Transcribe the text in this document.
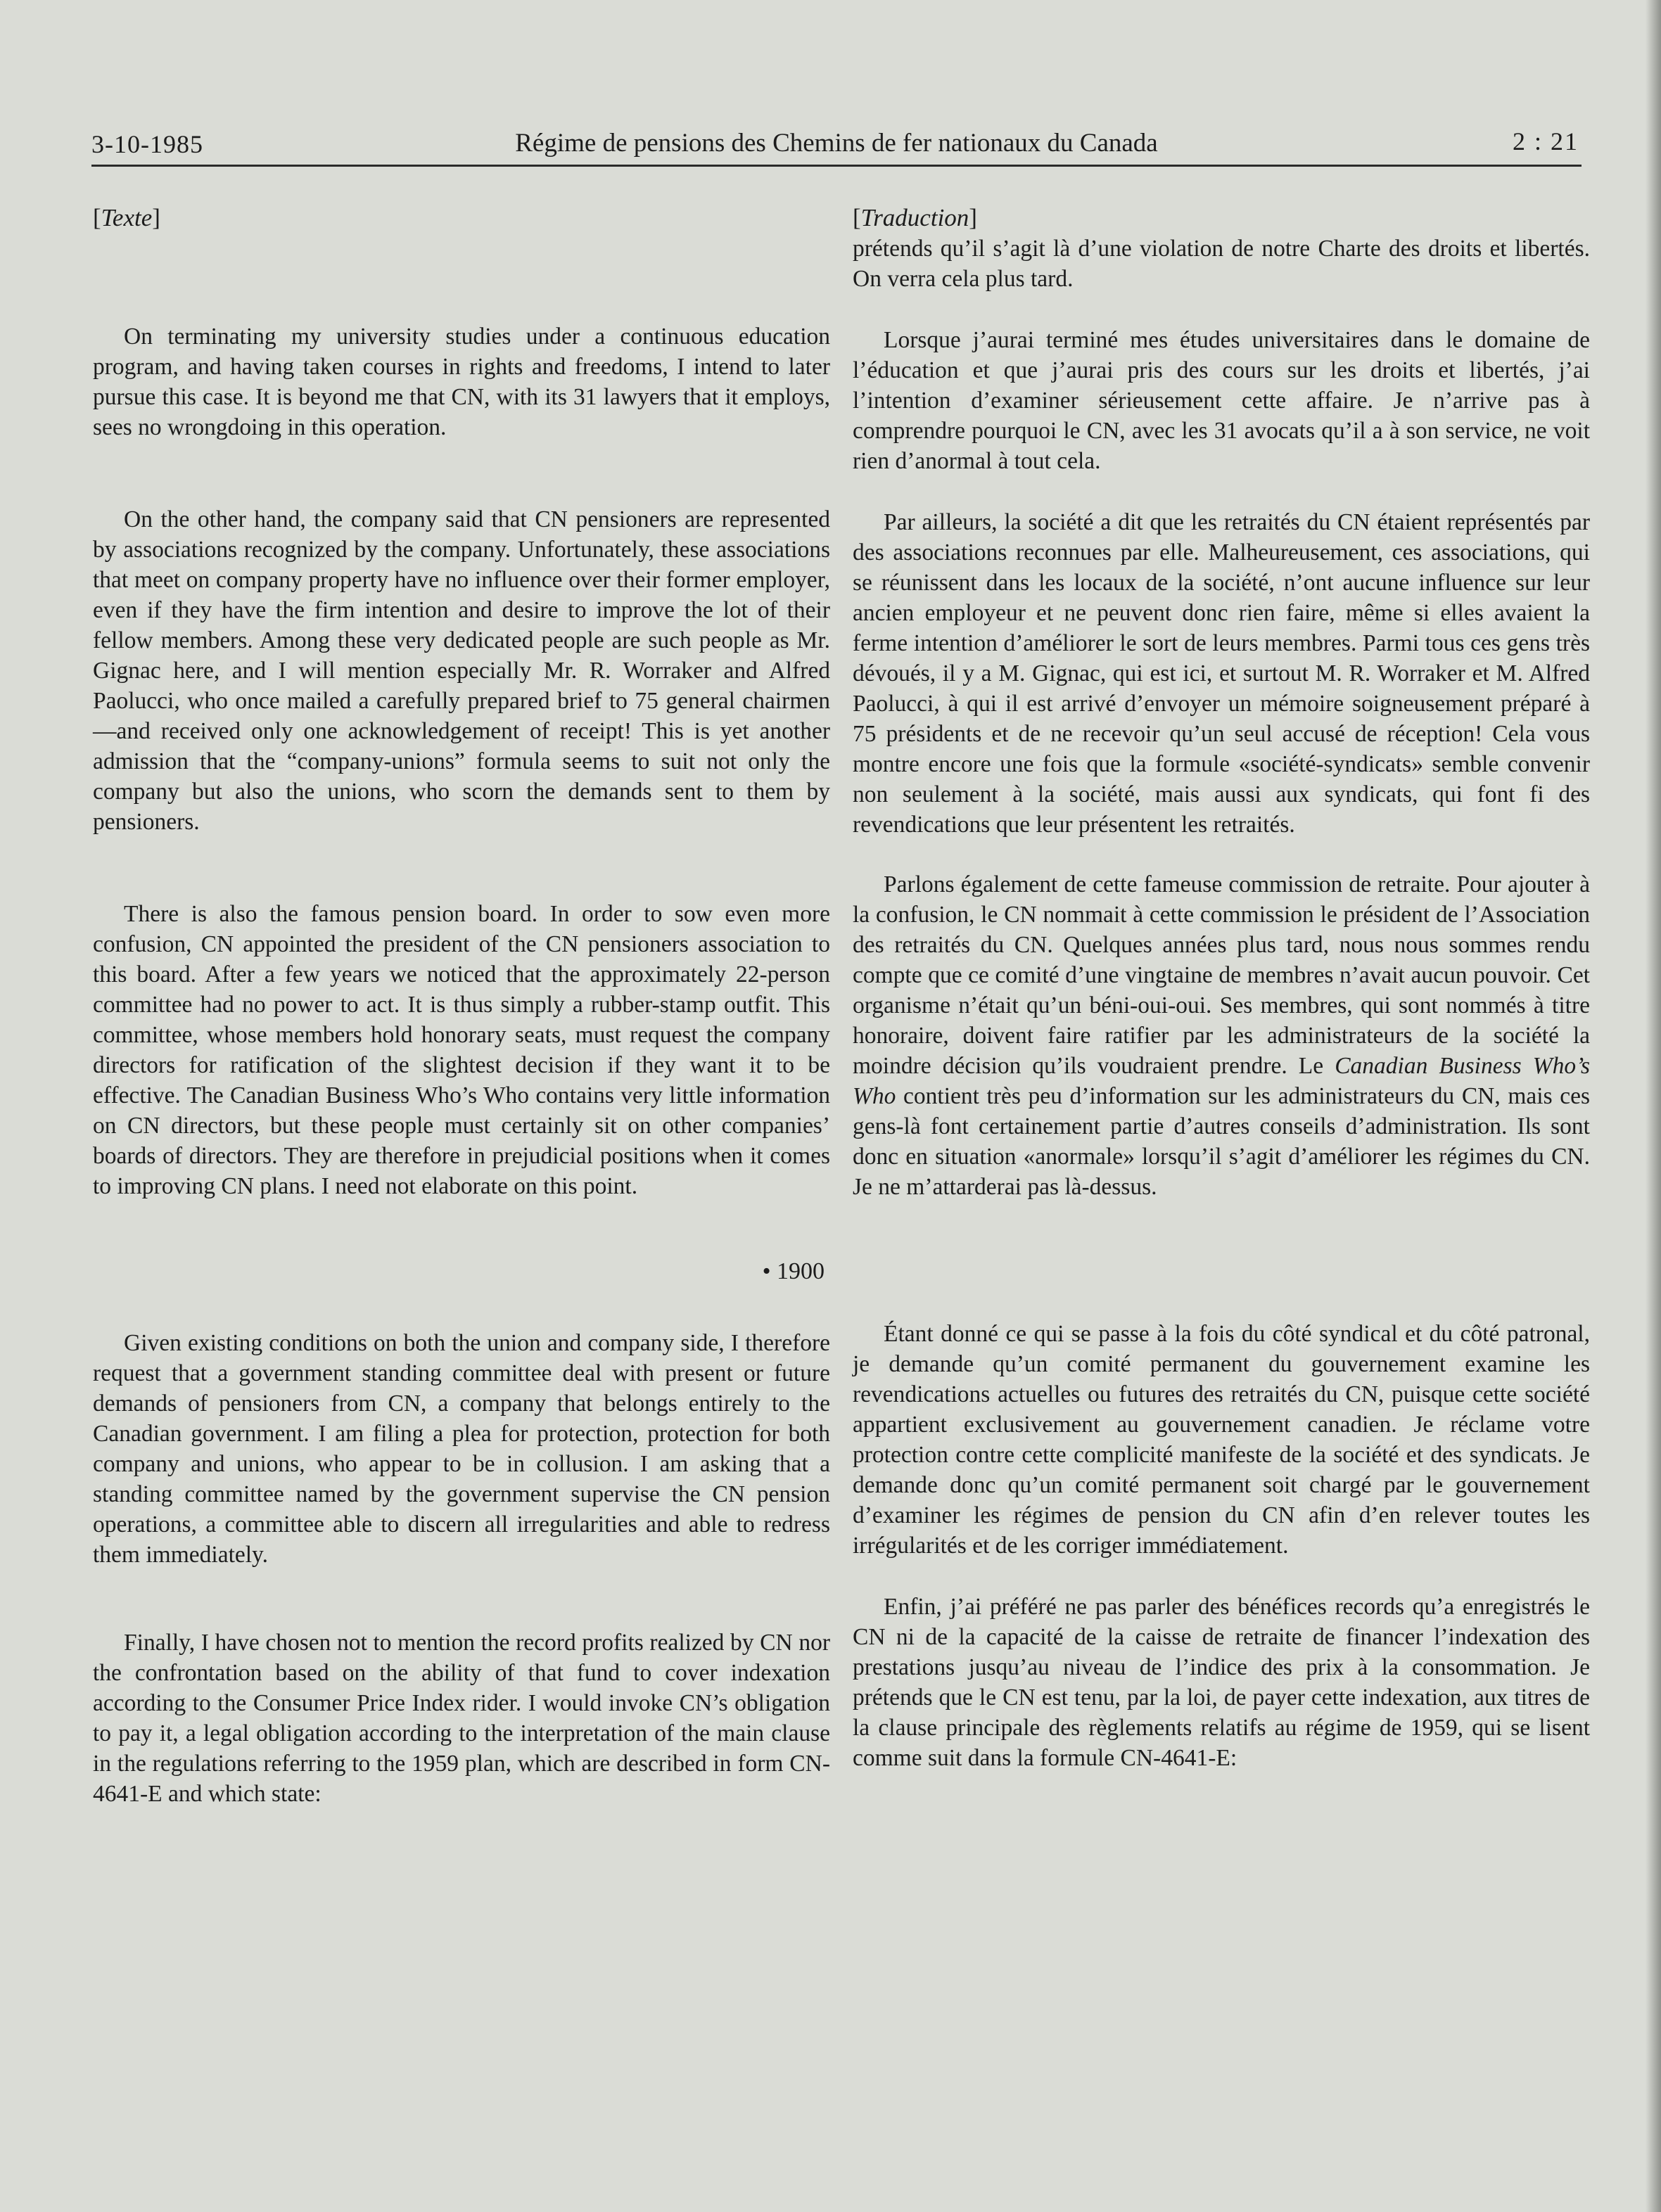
3-10-1985	Régime de pensions des Chemins de fer nationaux du Canada	2 : 21
[Texte]

On terminating my university studies under a continuous education program, and having taken courses in rights and freedoms, I intend to later pursue this case. It is beyond me that CN, with its 31 lawyers that it employs, sees no wrongdoing in this operation.

On the other hand, the company said that CN pensioners are represented by associations recognized by the company. Unfortunately, these associations that meet on company property have no influence over their former employer, even if they have the firm intention and desire to improve the lot of their fellow members. Among these very dedicated people are such people as Mr. Gignac here, and I will mention especially Mr. R. Worraker and Alfred Paolucci, who once mailed a carefully prepared brief to 75 general chairmen—and received only one acknowledgement of receipt! This is yet another admission that the “company-unions” formula seems to suit not only the company but also the unions, who scorn the demands sent to them by pensioners.

There is also the famous pension board. In order to sow even more confusion, CN appointed the president of the CN pensioners association to this board. After a few years we noticed that the approximately 22-person committee had no power to act. It is thus simply a rubber-stamp outfit. This committee, whose members hold honorary seats, must request the company directors for ratification of the slightest decision if they want it to be effective. The Canadian Business Who’s Who contains very little information on CN directors, but these people must certainly sit on other companies’ boards of directors. They are therefore in prejudicial positions when it comes to improving CN plans. I need not elaborate on this point.

• 1900

Given existing conditions on both the union and company side, I therefore request that a government standing committee deal with present or future demands of pensioners from CN, a company that belongs entirely to the Canadian government. I am filing a plea for protection, protection for both company and unions, who appear to be in collusion. I am asking that a standing committee named by the government supervise the CN pension operations, a committee able to discern all irregularities and able to redress them immediately.

Finally, I have chosen not to mention the record profits realized by CN nor the confrontation based on the ability of that fund to cover indexation according to the Consumer Price Index rider. I would invoke CN’s obligation to pay it, a legal obligation according to the interpretation of the main clause in the regulations referring to the 1959 plan, which are described in form CN-4641-E and which state:

[Traduction]

prétends qu’il s’agit là d’une violation de notre Charte des droits et libertés. On verra cela plus tard.

Lorsque j’aurai terminé mes études universitaires dans le domaine de l’éducation et que j’aurai pris des cours sur les droits et libertés, j’ai l’intention d’examiner sérieusement cette affaire. Je n’arrive pas à comprendre pourquoi le CN, avec les 31 avocats qu’il a à son service, ne voit rien d’anormal à tout cela.

Par ailleurs, la société a dit que les retraités du CN étaient représentés par des associations reconnues par elle. Malheureusement, ces associations, qui se réunissent dans les locaux de la société, n’ont aucune influence sur leur ancien employeur et ne peuvent donc rien faire, même si elles avaient la ferme intention d’améliorer le sort de leurs membres. Parmi tous ces gens très dévoués, il y a M. Gignac, qui est ici, et surtout M. R. Worraker et M. Alfred Paolucci, à qui il est arrivé d’envoyer un mémoire soigneusement préparé à 75 présidents et de ne recevoir qu’un seul accusé de réception! Cela vous montre encore une fois que la formule «société-syndicats» semble convenir non seulement à la société, mais aussi aux syndicats, qui font fi des revendications que leur présentent les retraités.

Parlons également de cette fameuse commission de retraite. Pour ajouter à la confusion, le CN nommait à cette commission le président de l’Association des retraités du CN. Quelques années plus tard, nous nous sommes rendu compte que ce comité d’une vingtaine de membres n’avait aucun pouvoir. Cet organisme n’était qu’un béni-oui-oui. Ses membres, qui sont nommés à titre honoraire, doivent faire ratifier par les administrateurs de la société la moindre décision qu’ils voudraient prendre. Le Canadian Business Who’s Who contient très peu d’information sur les administrateurs du CN, mais ces gens-là font certainement partie d’autres conseils d’administration. Ils sont donc en situation «anormale» lorsqu’il s’agit d’améliorer les régimes du CN. Je ne m’attarderai pas là-dessus.

Étant donné ce qui se passe à la fois du côté syndical et du côté patronal, je demande qu’un comité permanent du gouvernement examine les revendications actuelles ou futures des retraités du CN, puisque cette société appartient exclusivement au gouvernement canadien. Je réclame votre protection contre cette complicité manifeste de la société et des syndicats. Je demande donc qu’un comité permanent soit chargé par le gouvernement d’examiner les régimes de pension du CN afin d’en relever toutes les irrégularités et de les corriger immédiatement.

Enfin, j’ai préféré ne pas parler des bénéfices records qu’a enregistrés le CN ni de la capacité de la caisse de retraite de financer l’indexation des prestations jusqu’au niveau de l’indice des prix à la consommation. Je prétends que le CN est tenu, par la loi, de payer cette indexation, aux titres de la clause principale des règlements relatifs au régime de 1959, qui se lisent comme suit dans la formule CN-4641-E:
